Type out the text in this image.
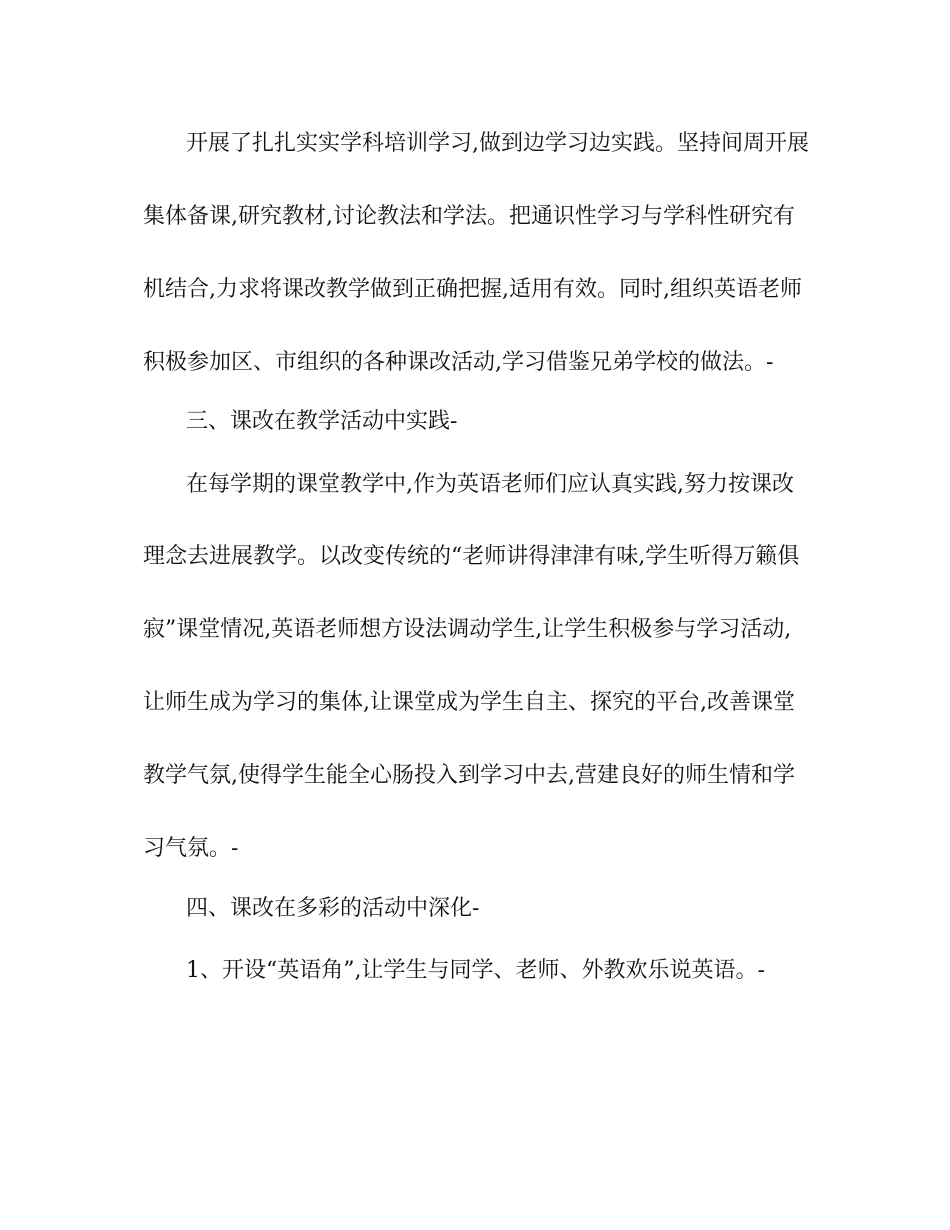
开展了扎扎实实学科培训学习,做到边学习边实践。坚持间周开展
集体备课,研究教材,讨论教法和学法。把通识性学习与学科性研究有
机结合,力求将课改教学做到正确把握,适用有效。同时,组织英语老师
积极参加区、市组织的各种课改活动,学习借鉴兄弟学校的做法。-
三、课改在教学活动中实践-
在每学期的课堂教学中,作为英语老师们应认真实践,努力按课改
理念去进展教学。以改变传统的“老师讲得津津有味,学生听得万籁俱
寂”课堂情况,英语老师想方设法调动学生,让学生积极参与学习活动,
让师生成为学习的集体,让课堂成为学生自主、探究的平台,改善课堂
教学气氛,使得学生能全心肠投入到学习中去,营建良好的师生情和学
习气氛。-
四、课改在多彩的活动中深化-
1、开设“英语角”,让学生与同学、老师、外教欢乐说英语。-
